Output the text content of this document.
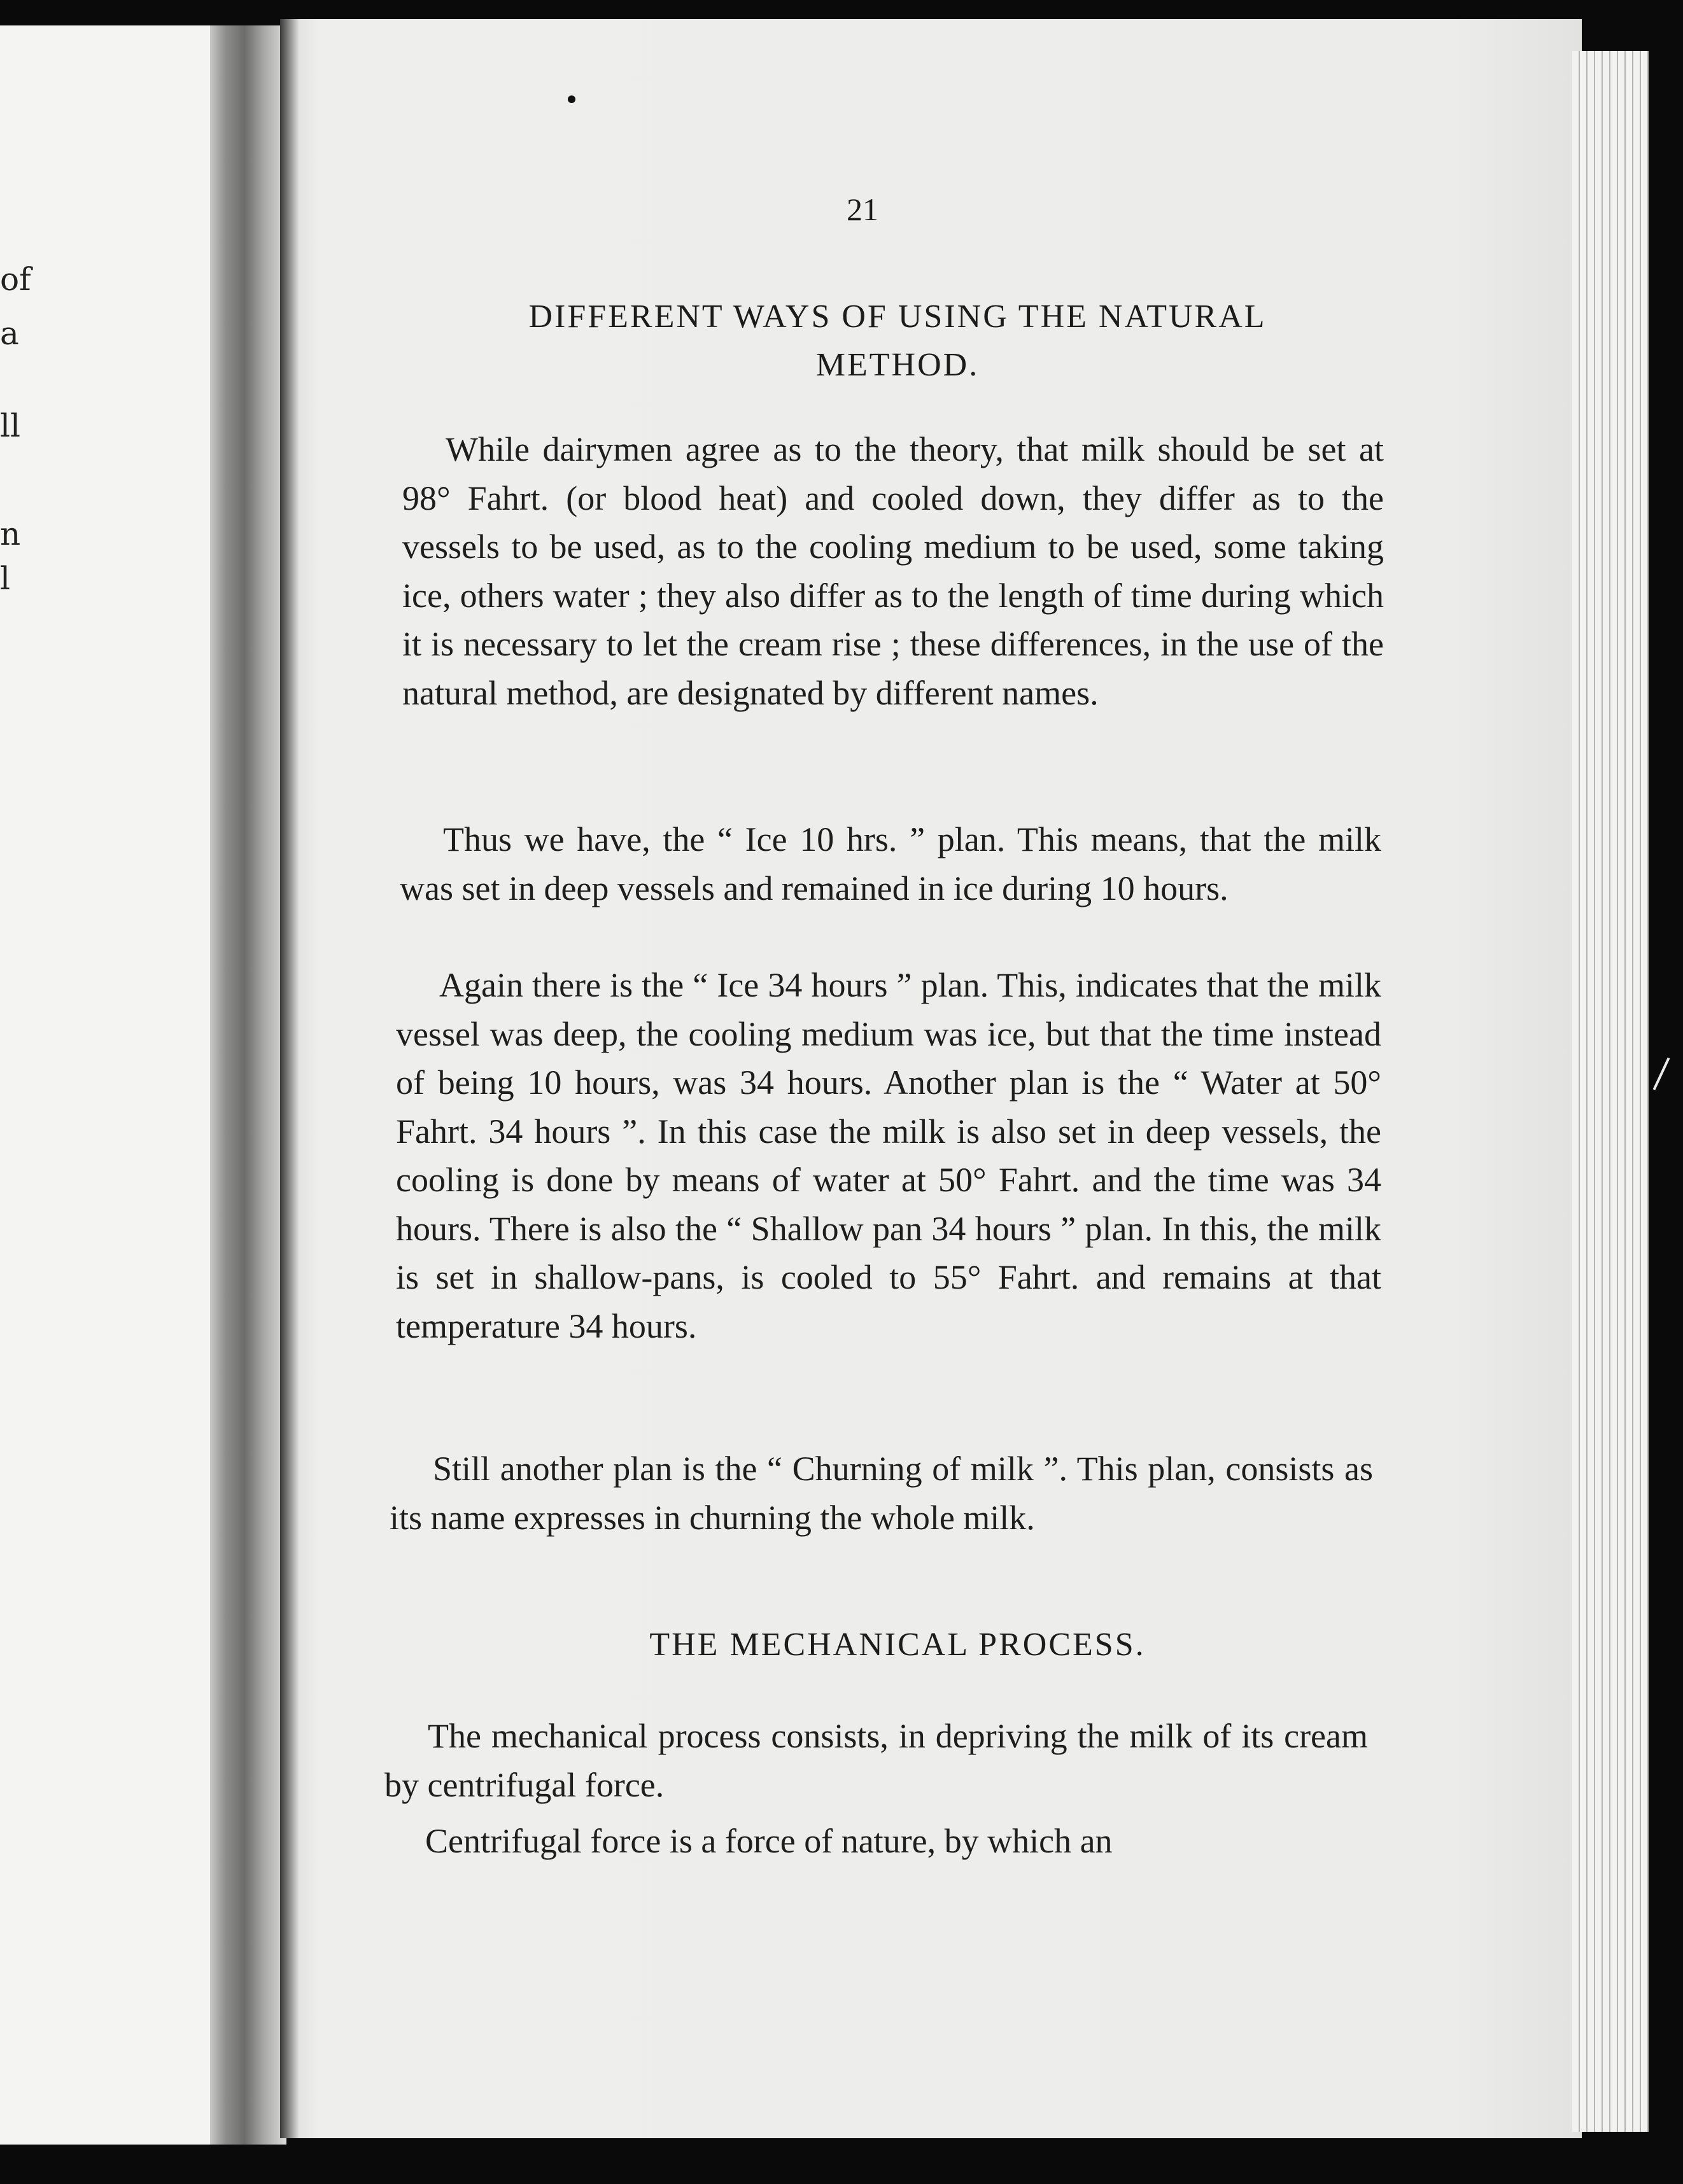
of
a
ll
n
l
21
DIFFERENT WAYS OF USING THE NATURAL
METHOD.
While dairymen agree as to the theory, that milk should be set at 98° Fahrt. (or blood heat) and cooled down, they differ as to the vessels to be used, as to the cooling medium to be used, some taking ice, others water ; they also differ as to the length of time during which it is necessary to let the cream rise ; these differences, in the use of the natural method, are designated by different names.
Thus we have, the “ Ice 10 hrs. ” plan. This means, that the milk was set in deep vessels and remained in ice during 10 hours.
Again there is the “ Ice 34 hours ” plan. This, indicates that the milk vessel was deep, the cooling medium was ice, but that the time instead of being 10 hours, was 34 hours. Another plan is the “ Water at 50° Fahrt. 34 hours ”. In this case the milk is also set in deep vessels, the cooling is done by means of water at 50° Fahrt. and the time was 34 hours. There is also the “ Shallow pan 34 hours ” plan. In this, the milk is set in shallow-pans, is cooled to 55° Fahrt. and remains at that temperature 34 hours.
Still another plan is the “ Churning of milk ”. This plan, consists as its name expresses in churning the whole milk.
THE MECHANICAL PROCESS.
The mechanical process consists, in depriving the milk of its cream by centrifugal force.
Centrifugal force is a force of nature, by which an
